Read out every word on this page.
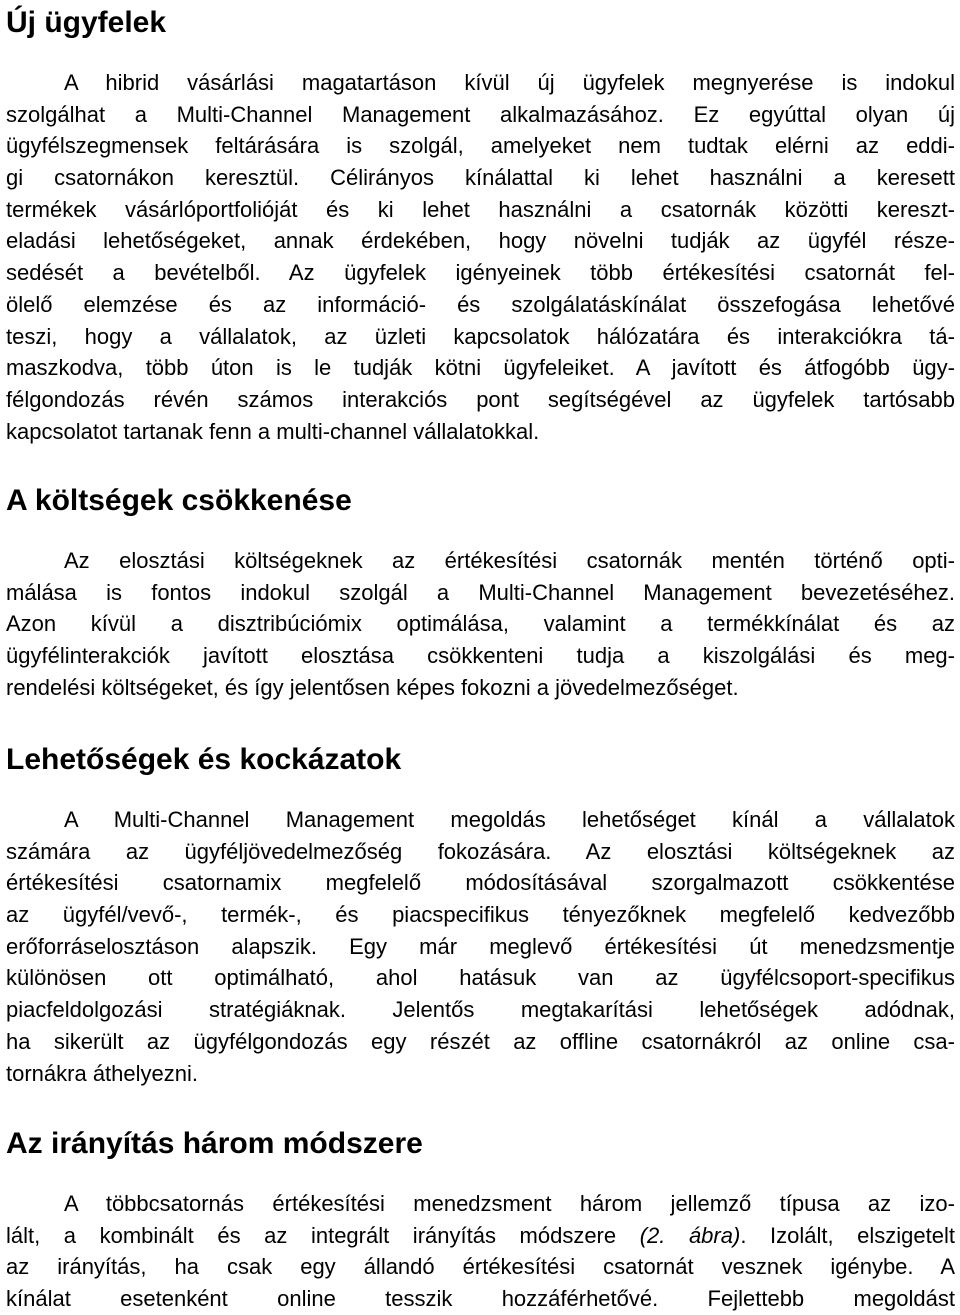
Új ügyfelek
A hibrid vásárlási magatartáson kívül új ügyfelek megnyerése is indokul
szolgálhat a Multi-Channel Management alkalmazásához. Ez egyúttal olyan új
ügyfélszegmensek feltárására is szolgál, amelyeket nem tudtak elérni az eddi-
gi csatornákon keresztül. Célirányos kínálattal ki lehet használni a keresett
termékek vásárlóportfolióját és ki lehet használni a csatornák közötti kereszt-
eladási lehetőségeket, annak érdekében, hogy növelni tudják az ügyfél része-
sedését a bevételből. Az ügyfelek igényeinek több értékesítési csatornát fel-
ölelő elemzése és az információ- és szolgálatáskínálat összefogása lehetővé
teszi, hogy a vállalatok, az üzleti kapcsolatok hálózatára és interakciókra tá-
maszkodva, több úton is le tudják kötni ügyfeleiket. A javított és átfogóbb ügy-
félgondozás révén számos interakciós pont segítségével az ügyfelek tartósabb
kapcsolatot tartanak fenn a multi-channel vállalatokkal.
A költségek csökkenése
Az elosztási költségeknek az értékesítési csatornák mentén történő opti-
málása is fontos indokul szolgál a Multi-Channel Management bevezetéséhez.
Azon kívül a disztribúciómix optimálása, valamint a termékkínálat és az
ügyfélinterakciók javított elosztása csökkenteni tudja a kiszolgálási és meg-
rendelési költségeket, és így jelentősen képes fokozni a jövedelmezőséget.
Lehetőségek és kockázatok
A Multi-Channel Management megoldás lehetőséget kínál a vállalatok
számára az ügyféljövedelmezőség fokozására. Az elosztási költségeknek az
értékesítési csatornamix megfelelő módosításával szorgalmazott csökkentése
az ügyfél/vevő-, termék-, és piacspecifikus tényezőknek megfelelő kedvezőbb
erőforráselosztáson alapszik. Egy már meglevő értékesítési út menedzsmentje
különösen ott optimálható, ahol hatásuk van az ügyfélcsoport-specifikus
piacfeldolgozási stratégiáknak. Jelentős megtakarítási lehetőségek adódnak,
ha sikerült az ügyfélgondozás egy részét az offline csatornákról az online csa-
tornákra áthelyezni.
Az irányítás három módszere
A többcsatornás értékesítési menedzsment három jellemző típusa az izo-
lált, a kombinált és az integrált irányítás módszere (2. ábra). Izolált, elszigetelt
az irányítás, ha csak egy állandó értékesítési csatornát vesznek igénybe. A
kínálat esetenként online tesszik hozzáférhetővé. Fejlettebb megoldást
